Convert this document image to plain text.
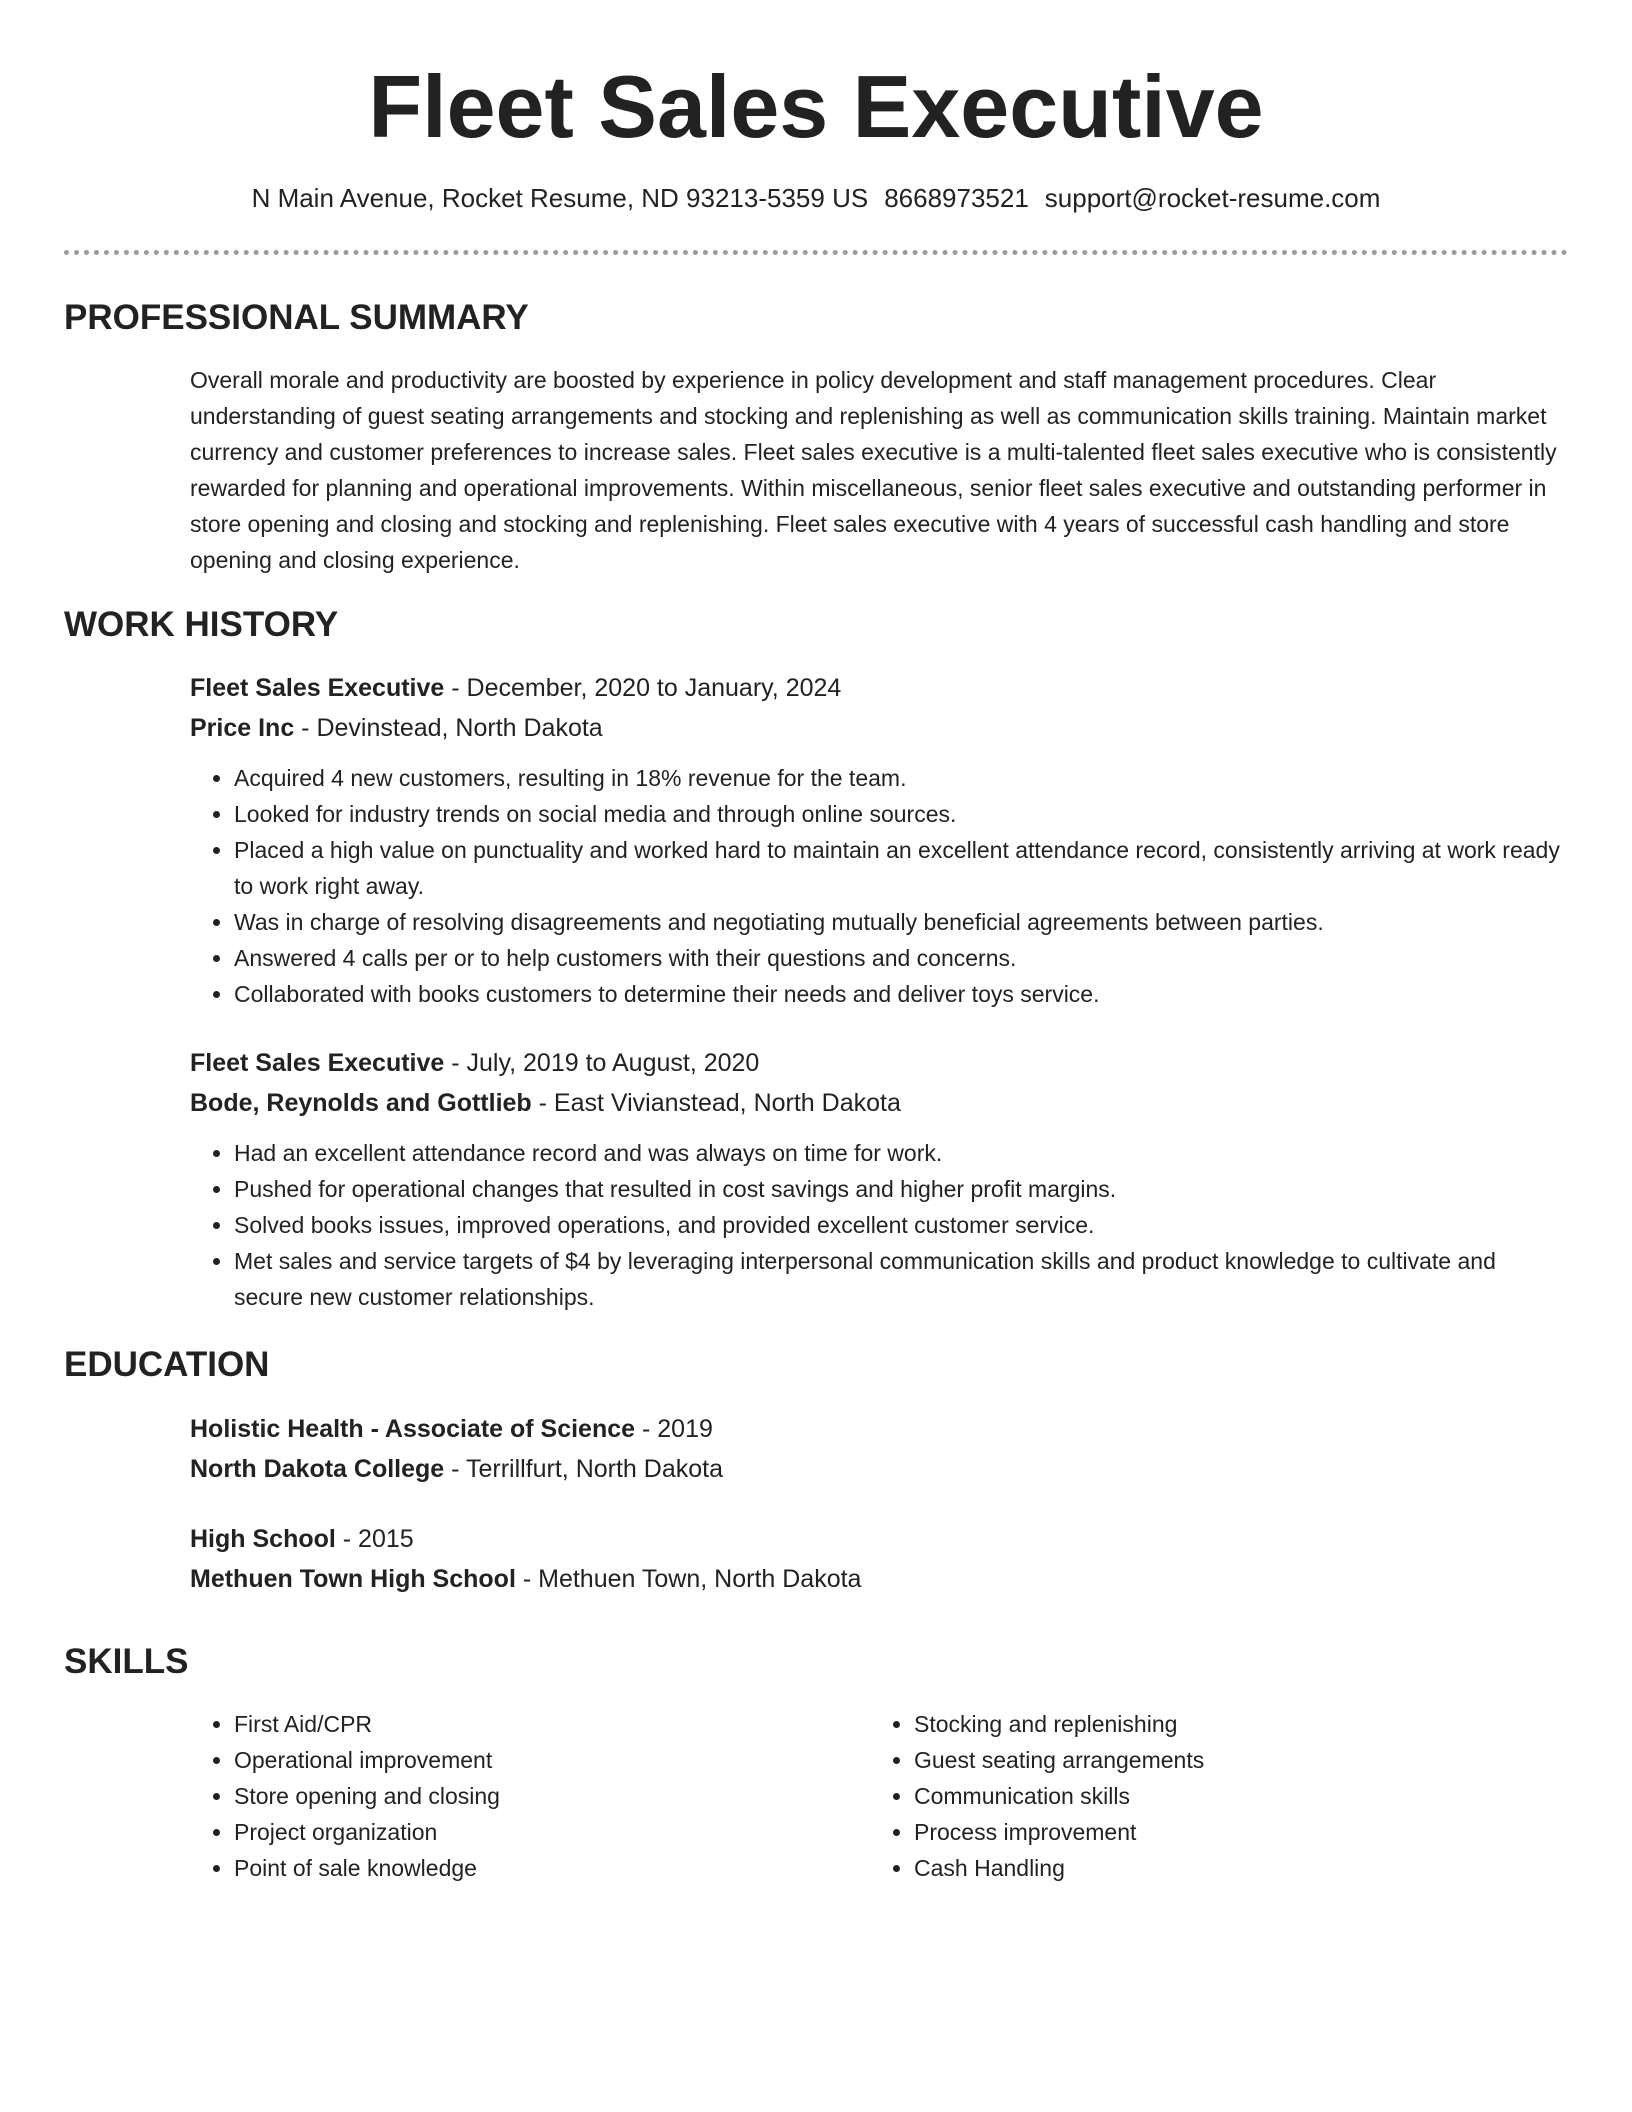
Fleet Sales Executive
N Main Avenue, Rocket Resume, ND 93213-5359 US 8668973521 support@rocket-resume.com
PROFESSIONAL SUMMARY

Overall morale and productivity are boosted by experience in policy development and staff management procedures. Clear understanding of guest seating arrangements and stocking and replenishing as well as communication skills training. Maintain market currency and customer preferences to increase sales. Fleet sales executive is a multi-talented fleet sales executive who is consistently rewarded for planning and operational improvements. Within miscellaneous, senior fleet sales executive and outstanding performer in store opening and closing and stocking and replenishing. Fleet sales executive with 4 years of successful cash handling and store opening and closing experience.

WORK HISTORY

Fleet Sales Executive - December, 2020 to January, 2024

Price Inc - Devinstead, North Dakota

• Acquired 4 new customers, resulting in 18% revenue for the team.
• Looked for industry trends on social media and through online sources.
• Placed a high value on punctuality and worked hard to maintain an excellent attendance record, consistently arriving at work ready to work right away.
• Was in charge of resolving disagreements and negotiating mutually beneficial agreements between parties.
• Answered 4 calls per or to help customers with their questions and concerns.
• Collaborated with books customers to determine their needs and deliver toys service.

Fleet Sales Executive - July, 2019 to August, 2020

Bode, Reynolds and Gottlieb - East Vivianstead, North Dakota

• Had an excellent attendance record and was always on time for work.
• Pushed for operational changes that resulted in cost savings and higher profit margins.
• Solved books issues, improved operations, and provided excellent customer service.
• Met sales and service targets of $4 by leveraging interpersonal communication skills and product knowledge to cultivate and secure new customer relationships.
EDUCATION

Holistic Health - Associate of Science - 2019

North Dakota College - Terrillfurt, North Dakota

High School - 2015

Methuen Town High School - Methuen Town, North Dakota

SKILLS
• First Aid/CPR
• Operational improvement
• Store opening and closing
• Project organization
• Point of sale knowledge
• Stocking and replenishing
• Guest seating arrangements
• Communication skills
• Process improvement
• Cash Handling
